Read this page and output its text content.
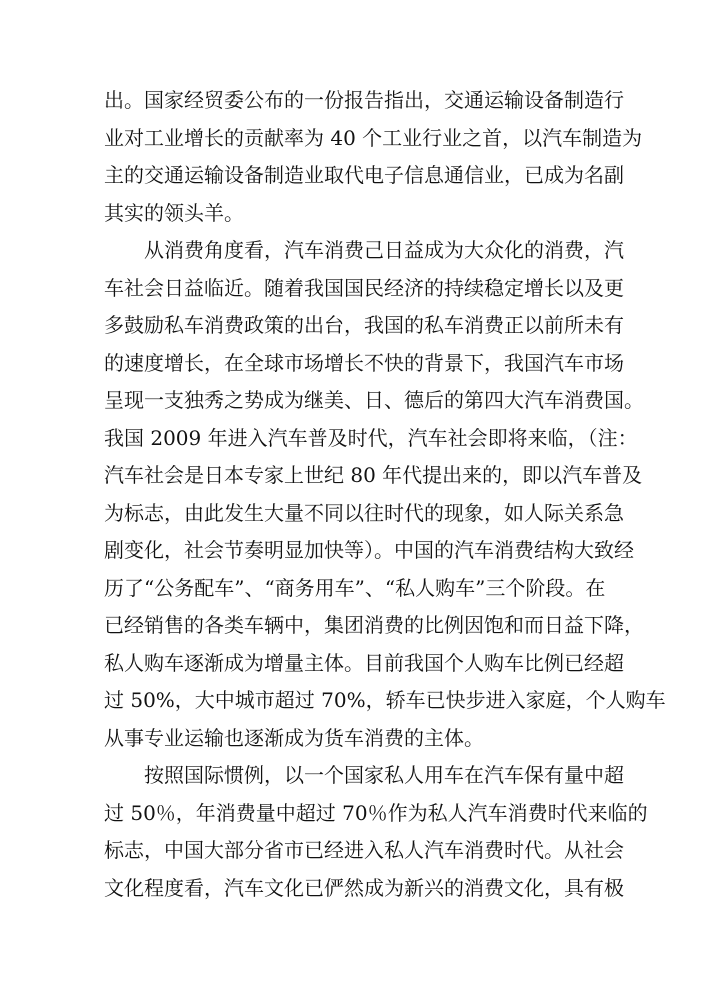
出。国家经贸委公布的一份报告指出，交通运输设备制造行
业对工业增长的贡献率为 40 个工业行业之首，以汽车制造为
主的交通运输设备制造业取代电子信息通信业，已成为名副
其实的领头羊。
从消费角度看，汽车消费己日益成为大众化的消费，汽
车社会日益临近。随着我国国民经济的持续稳定增长以及更
多鼓励私车消费政策的出台，我国的私车消费正以前所未有
的速度增长，在全球市场增长不快的背景下，我国汽车市场
呈现一支独秀之势成为继美、日、德后的第四大汽车消费国。
我国 2009 年进入汽车普及时代，汽车社会即将来临，（注：
汽车社会是日本专家上世纪 80 年代提出来的，即以汽车普及
为标志，由此发生大量不同以往时代的现象，如人际关系急
剧变化，社会节奏明显加快等）。中国的汽车消费结构大致经
历了“公务配车”、“商务用车”、“私人购车”三个阶段。在
已经销售的各类车辆中，集团消费的比例因饱和而日益下降，
私人购车逐渐成为增量主体。目前我国个人购车比例已经超
过 50%，大中城市超过 70%，轿车已快步进入家庭，个人购车
从事专业运输也逐渐成为货车消费的主体。
按照国际惯例，以一个国家私人用车在汽车保有量中超
过 50％，年消费量中超过 70％作为私人汽车消费时代来临的
标志，中国大部分省市已经进入私人汽车消费时代。从社会
文化程度看，汽车文化已俨然成为新兴的消费文化，具有极
